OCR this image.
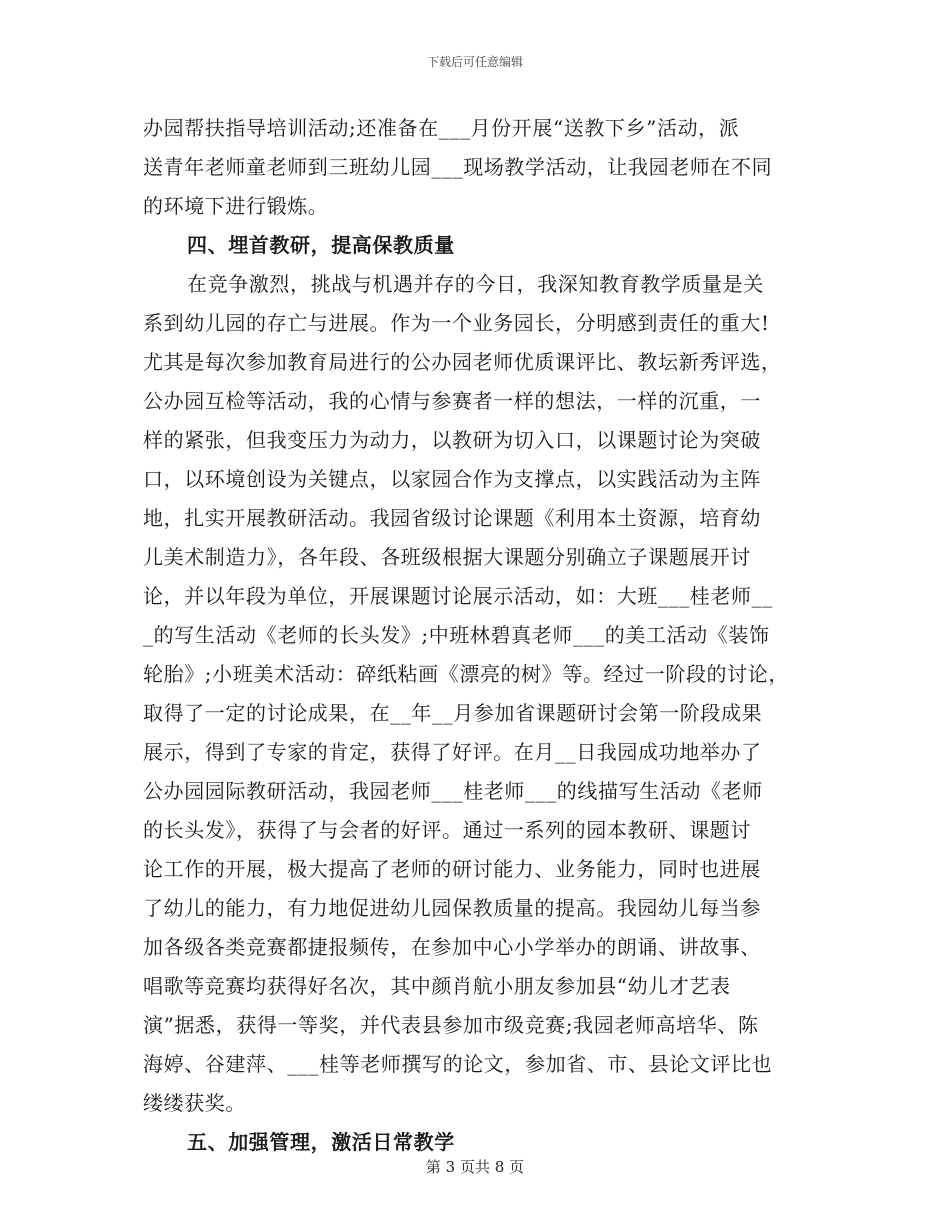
下载后可任意编辑
办园帮扶指导培训活动;还准备在___月份开展“送教下乡”活动，派
送青年老师童老师到三班幼儿园___现场教学活动，让我园老师在不同
的环境下进行锻炼。
四、埋首教研，提高保教质量
在竞争激烈，挑战与机遇并存的今日，我深知教育教学质量是关
系到幼儿园的存亡与进展。作为一个业务园长，分明感到责任的重大!
尤其是每次参加教育局进行的公办园老师优质课评比、教坛新秀评选，
公办园互检等活动，我的心情与参赛者一样的想法，一样的沉重，一
样的紧张，但我变压力为动力，以教研为切入口，以课题讨论为突破
口，以环境创设为关键点，以家园合作为支撑点，以实践活动为主阵
地，扎实开展教研活动。我园省级讨论课题《利用本土资源，培育幼
儿美术制造力》，各年段、各班级根据大课题分别确立子课题展开讨
论，并以年段为单位，开展课题讨论展示活动，如：大班___桂老师__
_的写生活动《老师的长头发》;中班林碧真老师___的美工活动《装饰
轮胎》;小班美术活动：碎纸粘画《漂亮的树》等。经过一阶段的讨论，
取得了一定的讨论成果，在__年__月参加省课题研讨会第一阶段成果
展示，得到了专家的肯定，获得了好评。在月__日我园成功地举办了
公办园园际教研活动，我园老师___桂老师___的线描写生活动《老师
的长头发》，获得了与会者的好评。通过一系列的园本教研、课题讨
论工作的开展，极大提高了老师的研讨能力、业务能力，同时也进展
了幼儿的能力，有力地促进幼儿园保教质量的提高。我园幼儿每当参
加各级各类竞赛都捷报频传，在参加中心小学举办的朗诵、讲故事、
唱歌等竞赛均获得好名次，其中颜肖航小朋友参加县“幼儿才艺表
演”据悉，获得一等奖，并代表县参加市级竞赛;我园老师高培华、陈
海婷、谷建萍、___桂等老师撰写的论文，参加省、市、县论文评比也
缕缕获奖。
五、加强管理，激活日常教学
第 3 页共 8 页
